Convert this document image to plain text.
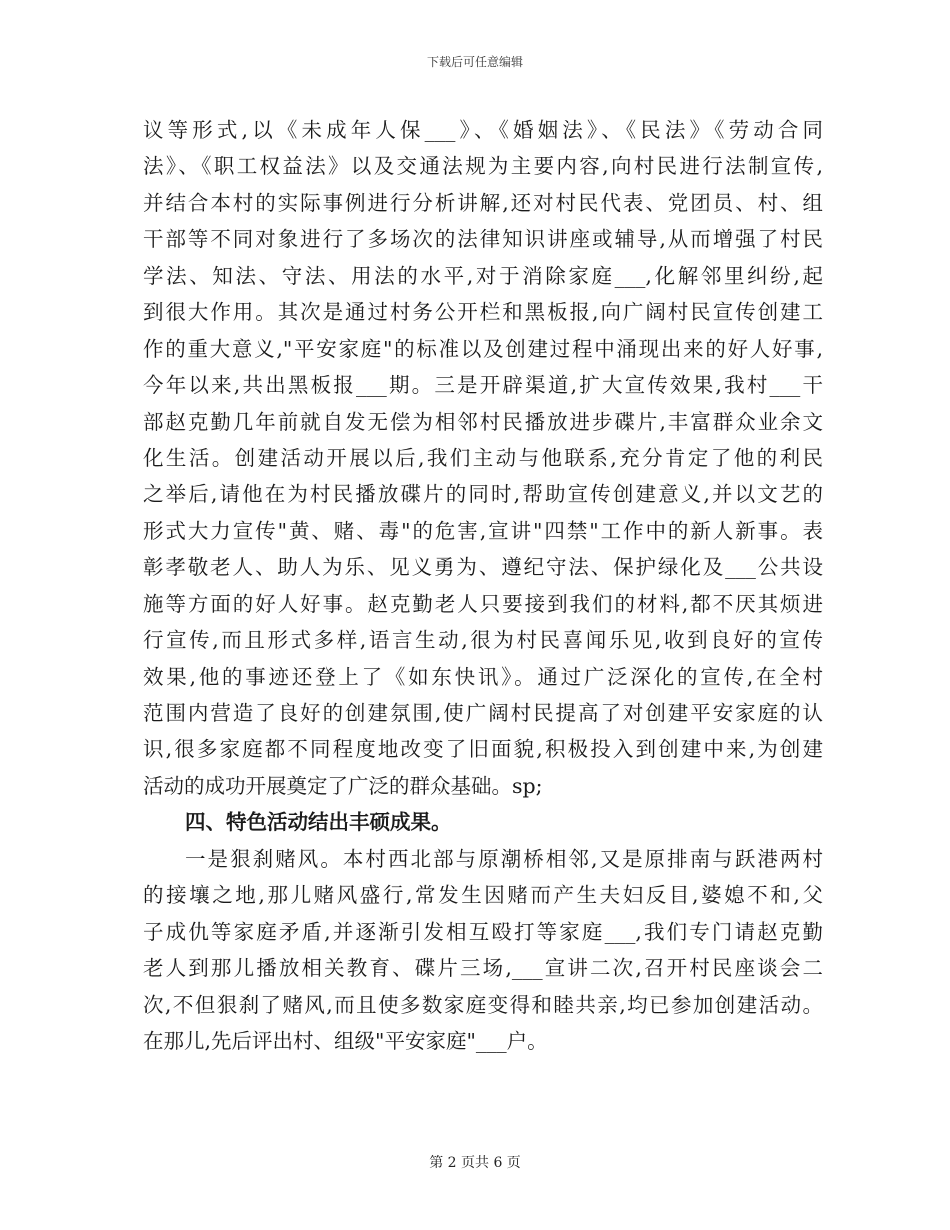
下载后可任意编辑
议等形式,以《未成年人保___》、《婚姻法》、《民法》《劳动合同
法》、《职工权益法》以及交通法规为主要内容,向村民进行法制宣传,
并结合本村的实际事例进行分析讲解,还对村民代表、党团员、村、组
干部等不同对象进行了多场次的法律知识讲座或辅导,从而增强了村民
学法、知法、守法、用法的水平,对于消除家庭___,化解邻里纠纷,起
到很大作用。其次是通过村务公开栏和黑板报,向广阔村民宣传创建工
作的重大意义,"平安家庭"的标准以及创建过程中涌现出来的好人好事,
今年以来,共出黑板报___期。三是开辟渠道,扩大宣传效果,我村___干
部赵克勤几年前就自发无偿为相邻村民播放进步碟片,丰富群众业余文
化生活。创建活动开展以后,我们主动与他联系,充分肯定了他的利民
之举后,请他在为村民播放碟片的同时,帮助宣传创建意义,并以文艺的
形式大力宣传"黄、赌、毒"的危害,宣讲"四禁"工作中的新人新事。表
彰孝敬老人、助人为乐、见义勇为、遵纪守法、保护绿化及___公共设
施等方面的好人好事。赵克勤老人只要接到我们的材料,都不厌其烦进
行宣传,而且形式多样,语言生动,很为村民喜闻乐见,收到良好的宣传
效果,他的事迹还登上了《如东快讯》。通过广泛深化的宣传,在全村
范围内营造了良好的创建氛围,使广阔村民提高了对创建平安家庭的认
识,很多家庭都不同程度地改变了旧面貌,积极投入到创建中来,为创建
活动的成功开展奠定了广泛的群众基础。sp;
四、特色活动结出丰硕成果。
一是狠刹赌风。本村西北部与原潮桥相邻,又是原排南与跃港两村
的接壤之地,那儿赌风盛行,常发生因赌而产生夫妇反目,婆媳不和,父
子成仇等家庭矛盾,并逐渐引发相互殴打等家庭___,我们专门请赵克勤
老人到那儿播放相关教育、碟片三场,___宣讲二次,召开村民座谈会二
次,不但狠刹了赌风,而且使多数家庭变得和睦共亲,均已参加创建活动。
在那儿,先后评出村、组级"平安家庭"___户。
第 2 页共 6 页
